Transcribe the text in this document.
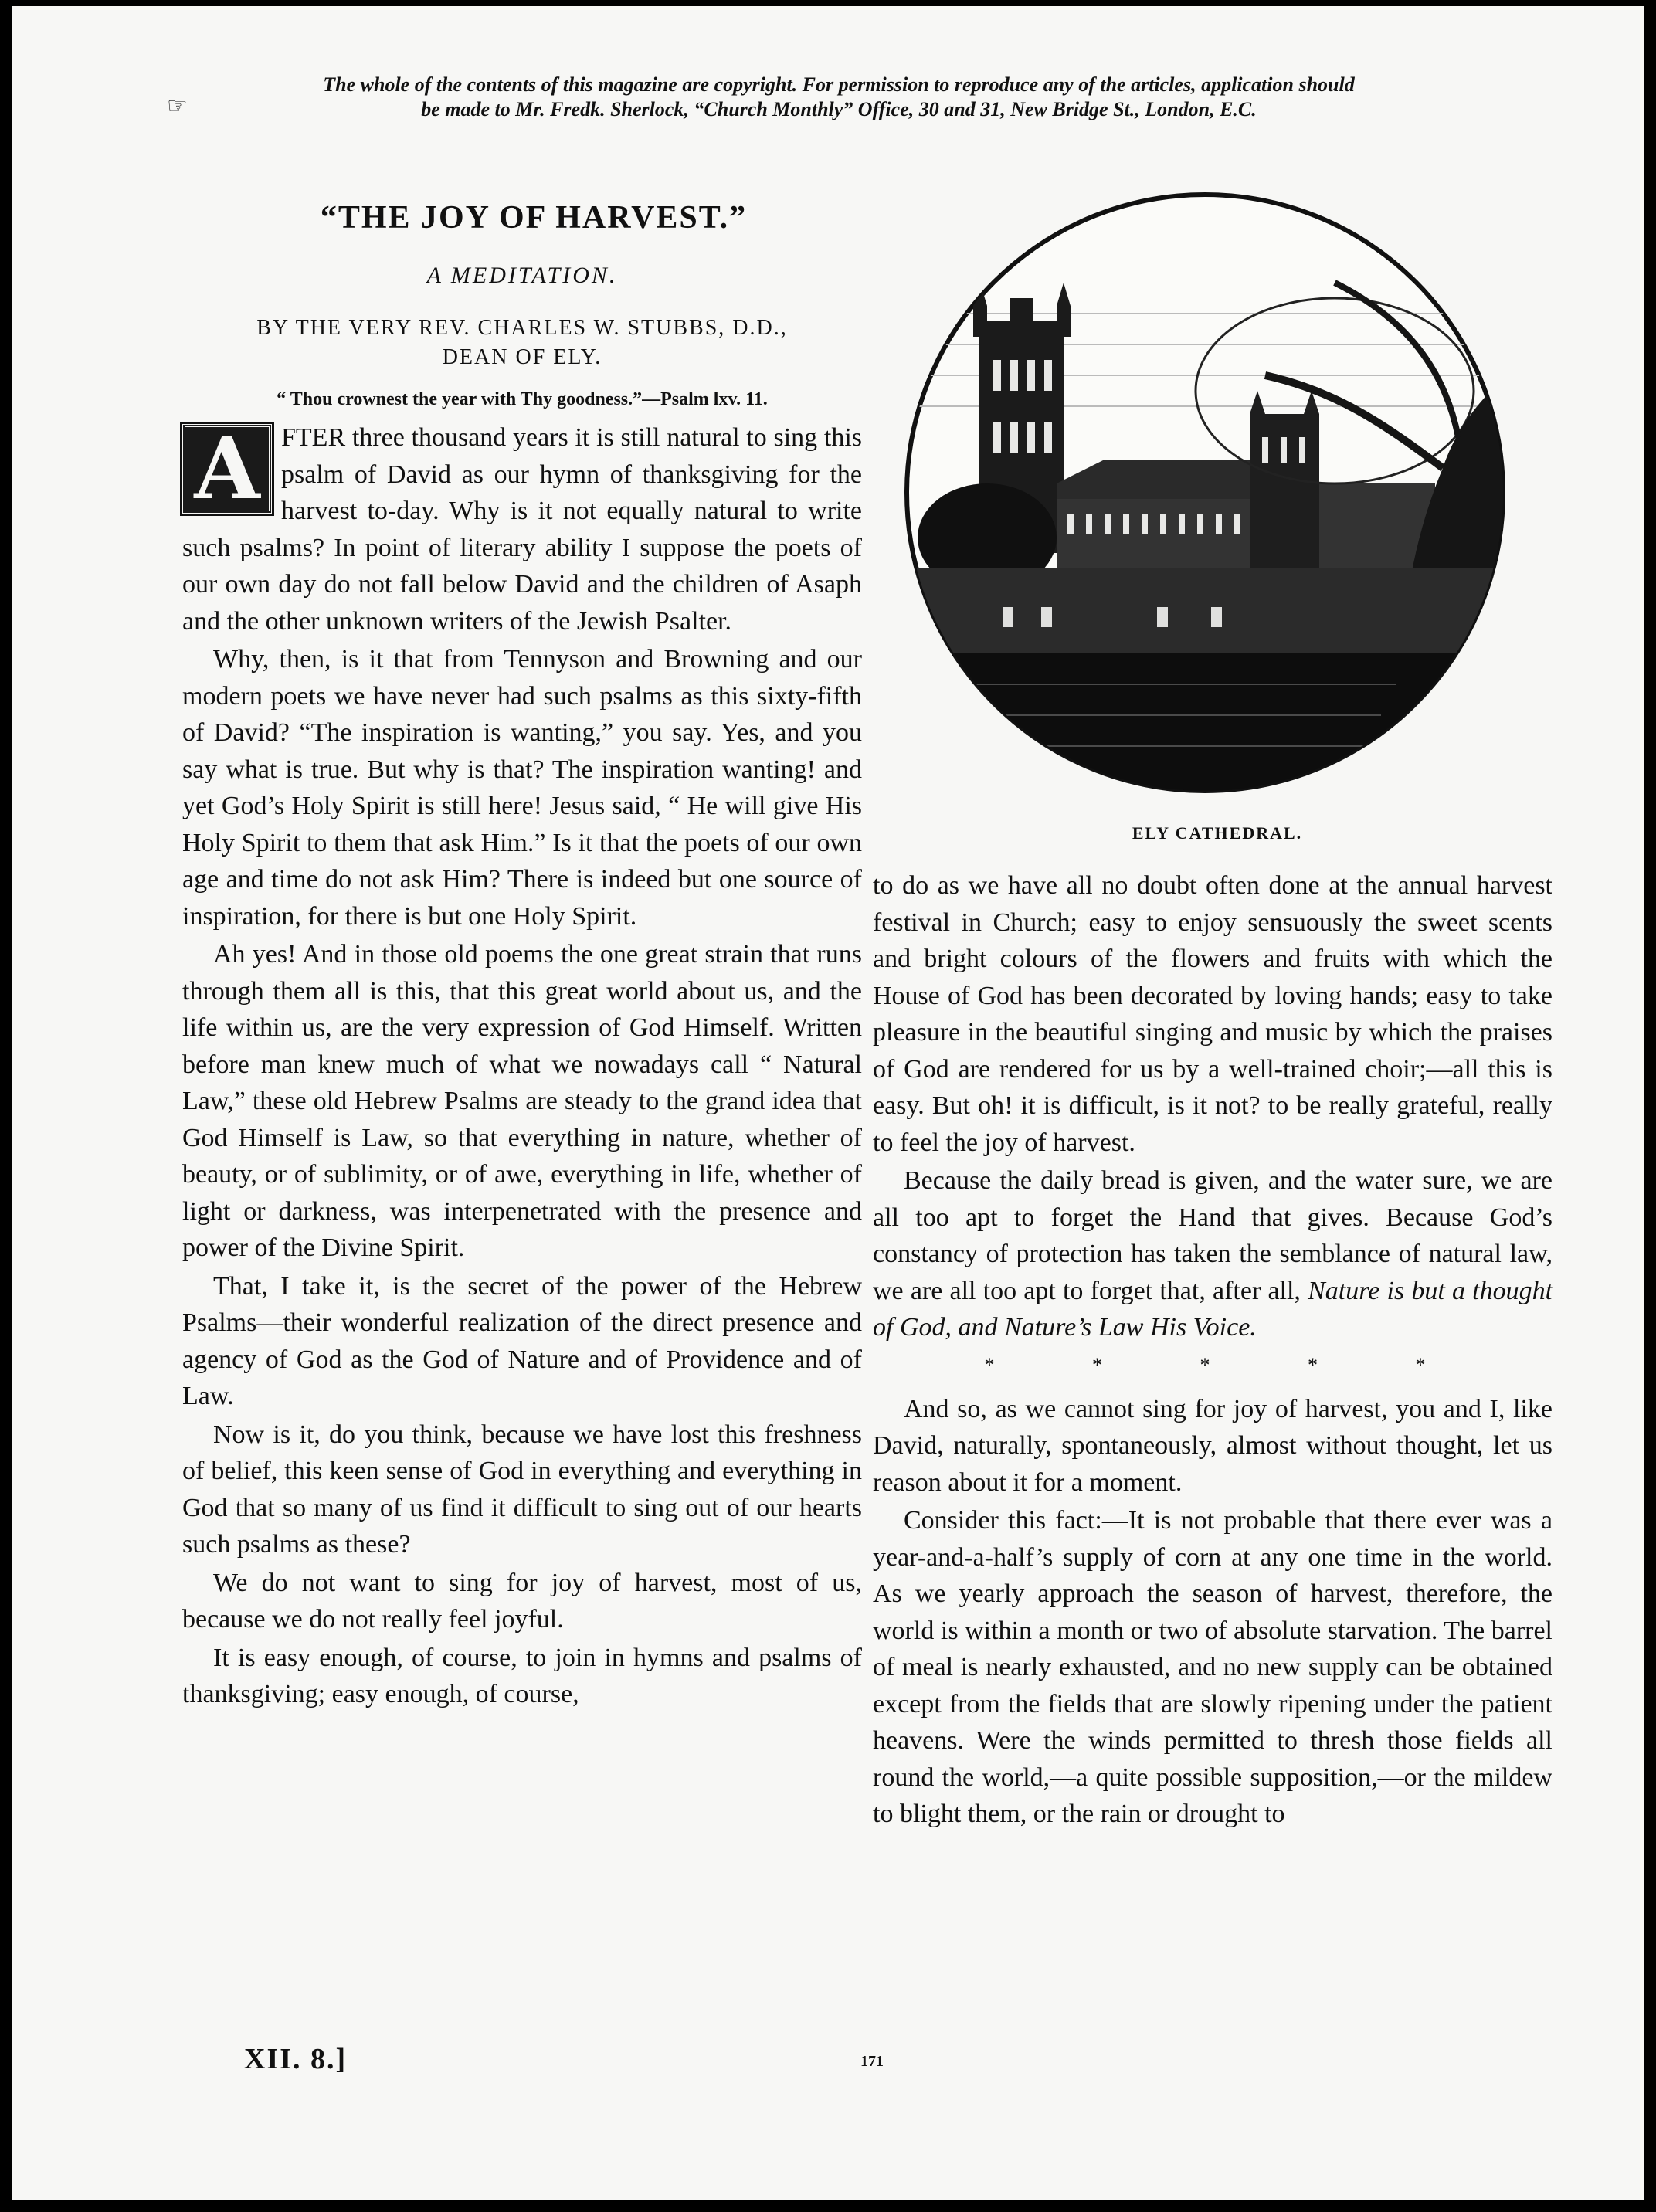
The whole of the contents of this magazine are copyright. For permission to reproduce any of the articles, application should
be made to Mr. Fredk. Sherlock, “Church Monthly” Office, 30 and 31, New Bridge St., London, E.C.
☞
“THE JOY OF HARVEST.”
A MEDITATION.
BY THE VERY REV. CHARLES W. STUBBS, D.D.,
DEAN OF ELY.
“ Thou crownest the year with Thy goodness.”—Psalm lxv. 11.

A FTER three thousand years it is still natural to sing this psalm of David as our hymn of thanksgiving for the harvest to-day. Why is it not equally natural to write such psalms? In point of literary ability I suppose the poets of our own day do not fall below David and the children of Asaph and the other unknown writers of the Jewish Psalter.

Why, then, is it that from Tennyson and Browning and our modern poets we have never had such psalms as this sixty-fifth of David? “The inspiration is wanting,” you say. Yes, and you say what is true. But why is that? The inspiration wanting! and yet God’s Holy Spirit is still here! Jesus said, “ He will give His Holy Spirit to them that ask Him.” Is it that the poets of our own age and time do not ask Him? There is indeed but one source of inspiration, for there is but one Holy Spirit.

Ah yes! And in those old poems the one great strain that runs through them all is this, that this great world about us, and the life within us, are the very expression of God Himself. Written before man knew much of what we nowadays call “ Natural Law,” these old Hebrew Psalms are steady to the grand idea that God Himself is Law, so that everything in nature, whether of beauty, or of sublimity, or of awe, everything in life, whether of light or darkness, was interpenetrated with the presence and power of the Divine Spirit.

That, I take it, is the secret of the power of the Hebrew Psalms—their wonderful realization of the direct presence and agency of God as the God of Nature and of Providence and of Law.

Now is it, do you think, because we have lost this freshness of belief, this keen sense of God in everything and everything in God that so many of us find it difficult to sing out of our hearts such psalms as these?

We do not want to sing for joy of harvest, most of us, because we do not really feel joyful.

It is easy enough, of course, to join in hymns and psalms of thanksgiving; easy enough, of course,

ELY CATHEDRAL.

to do as we have all no doubt often done at the annual harvest festival in Church; easy to enjoy sensuously the sweet scents and bright colours of the flowers and fruits with which the House of God has been decorated by loving hands; easy to take pleasure in the beautiful singing and music by which the praises of God are rendered for us by a well-trained choir;—all this is easy. But oh! it is difficult, is it not? to be really grateful, really to feel the joy of harvest.

Because the daily bread is given, and the water sure, we are all too apt to forget the Hand that gives. Because God’s constancy of protection has taken the semblance of natural law, we are all too apt to forget that, after all, Nature is but a thought of God, and Nature’s Law His Voice.

* * * * *

And so, as we cannot sing for joy of harvest, you and I, like David, naturally, spontaneously, almost without thought, let us reason about it for a moment.

Consider this fact:—It is not probable that there ever was a year-and-a-half’s supply of corn at any one time in the world. As we yearly approach the season of harvest, therefore, the world is within a month or two of absolute starvation. The barrel of meal is nearly exhausted, and no new supply can be obtained except from the fields that are slowly ripening under the patient heavens. Were the winds permitted to thresh those fields all round the world,—a quite possible supposition,—or the mildew to blight them, or the rain or drought to

XII. 8.]	171
